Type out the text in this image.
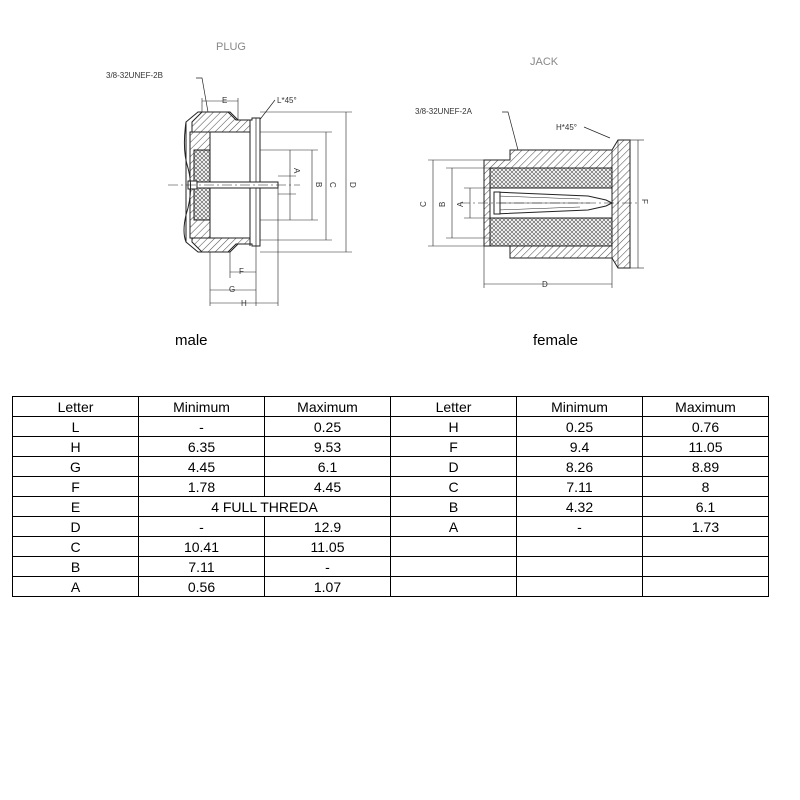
PLUG
3/8-32UNEF-2B
L*45°
E
A
B C D
F
G
H
JACK
3/8-32UNEF-2A
H*45°
C B A
F
D
male	female
Letter	Minimum	Maximum	Letter	Minimum	Maximum
L	-	0.25	H	0.25	0.76
H	6.35	9.53	F	9.4	11.05
G	4.45	6.1	D	8.26	8.89
F	1.78	4.45	C	7.11	8
E	4 FULL THREDA		B	4.32	6.1
D	-	12.9	A	-	1.73
C	10.41	11.05			
B	7.11	-			
A	0.56	1.07			
